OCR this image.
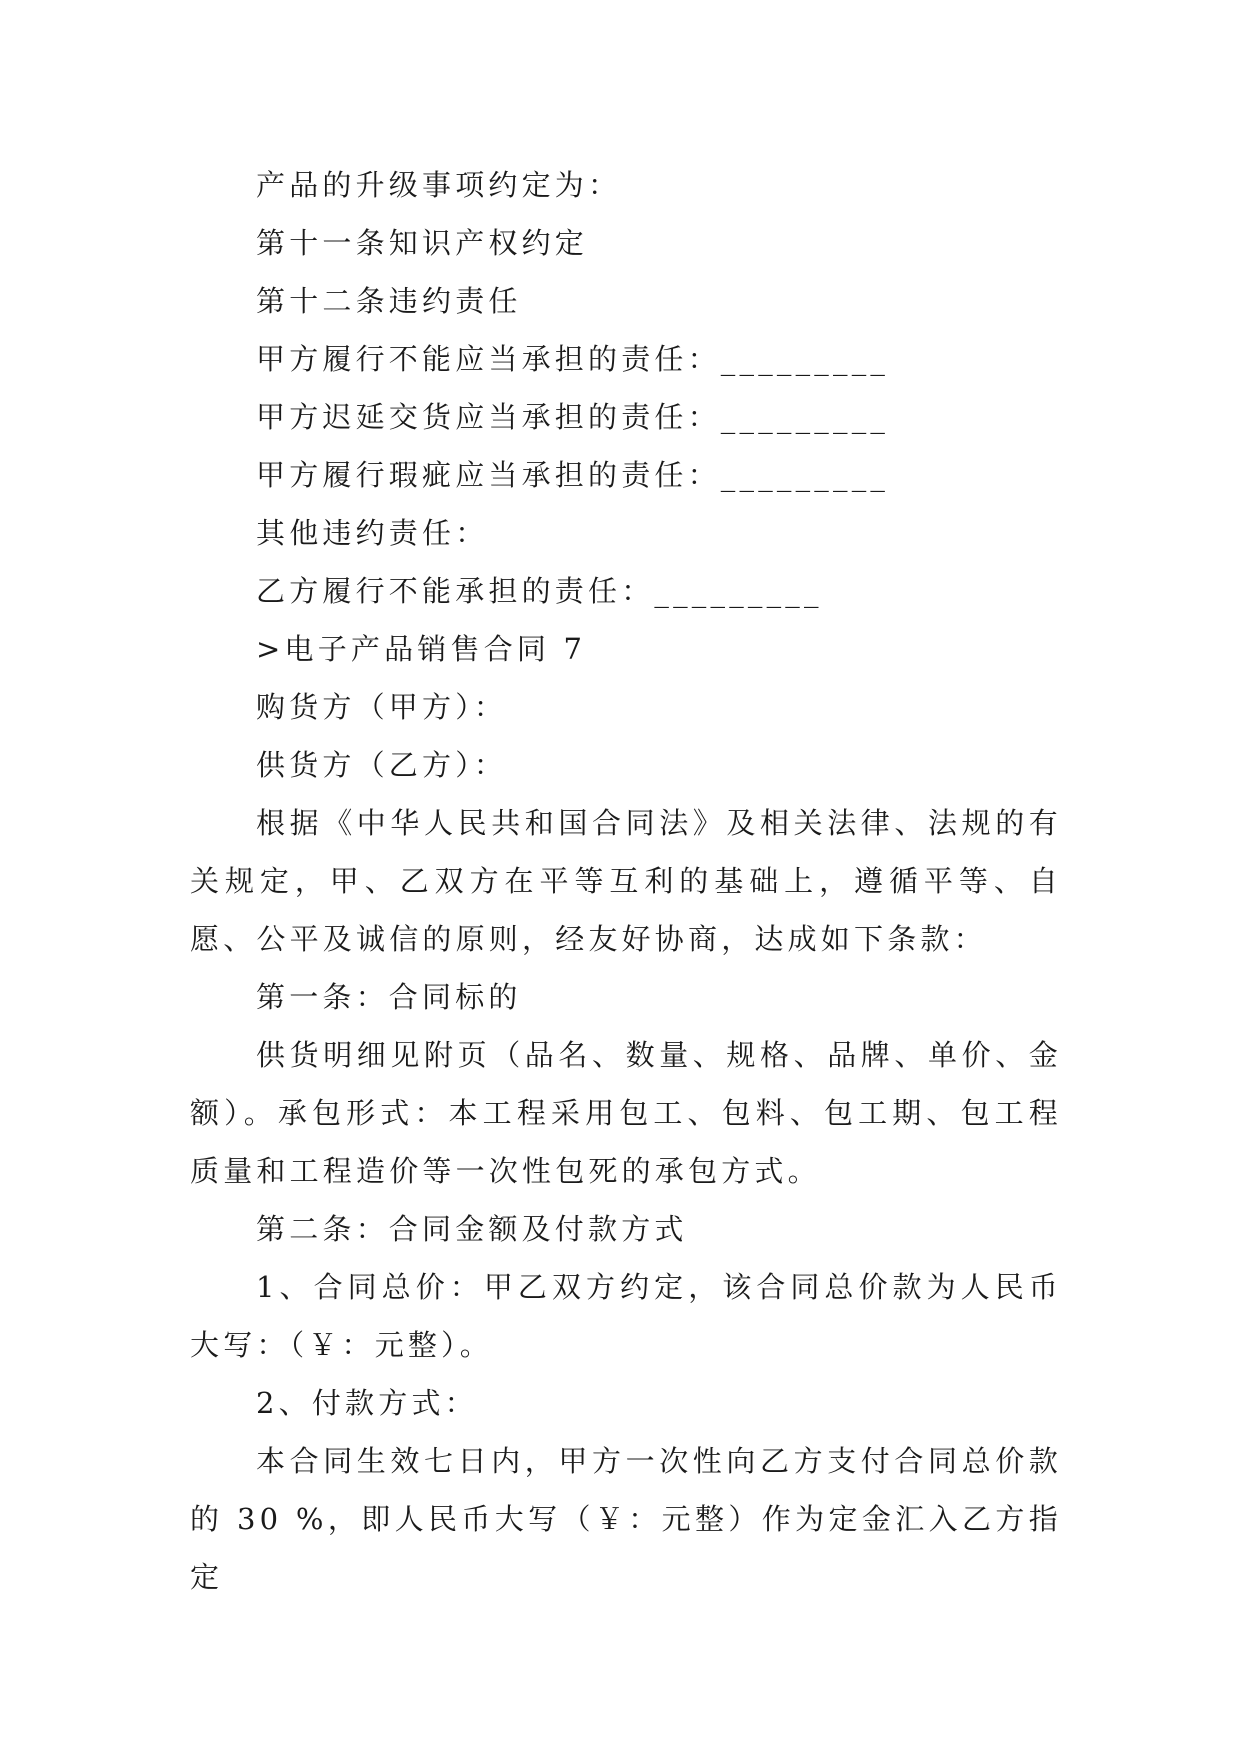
产品的升级事项约定为：

第十一条知识产权约定

第十二条违约责任

甲方履行不能应当承担的责任：_________

甲方迟延交货应当承担的责任：_________

甲方履行瑕疵应当承担的责任：_________

其他违约责任：

乙方履行不能承担的责任：_________

>电子产品销售合同 7

购货方（甲方）：

供货方（乙方）：

根据《中华人民共和国合同法》及相关法律、法规的有关规定，甲、乙双方在平等互利的基础上，遵循平等、自愿、公平及诚信的原则，经友好协商，达成如下条款：

第一条：合同标的

供货明细见附页（品名、数量、规格、品牌、单价、金额）。承包形式：本工程采用包工、包料、包工期、包工程质量和工程造价等一次性包死的承包方式。

第二条：合同金额及付款方式

1、合同总价：甲乙双方约定，该合同总价款为人民币大写：（￥：元整）。

2、付款方式：

本合同生效七日内，甲方一次性向乙方支付合同总价款的 30 %，即人民币大写（￥：元整）作为定金汇入乙方指定
